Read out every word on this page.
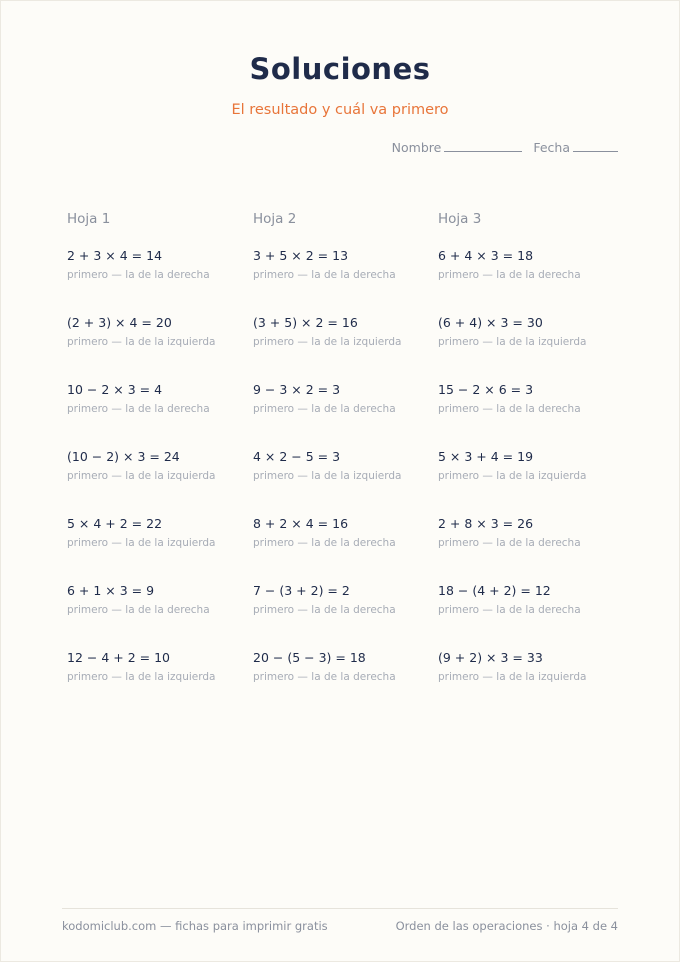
Soluciones
El resultado y cuál va primero
Nombre	Fecha
Hoja 1
2 + 3 × 4 = 14
primero — la de la derecha
(2 + 3) × 4 = 20
primero — la de la izquierda
10 − 2 × 3 = 4
primero — la de la derecha
(10 − 2) × 3 = 24
primero — la de la izquierda
5 × 4 + 2 = 22
primero — la de la izquierda
6 + 1 × 3 = 9
primero — la de la derecha
12 − 4 + 2 = 10
primero — la de la izquierda
Hoja 2
3 + 5 × 2 = 13
primero — la de la derecha
(3 + 5) × 2 = 16
primero — la de la izquierda
9 − 3 × 2 = 3
primero — la de la derecha
4 × 2 − 5 = 3
primero — la de la izquierda
8 + 2 × 4 = 16
primero — la de la derecha
7 − (3 + 2) = 2
primero — la de la derecha
20 − (5 − 3) = 18
primero — la de la derecha
Hoja 3
6 + 4 × 3 = 18
primero — la de la derecha
(6 + 4) × 3 = 30
primero — la de la izquierda
15 − 2 × 6 = 3
primero — la de la derecha
5 × 3 + 4 = 19
primero — la de la izquierda
2 + 8 × 3 = 26
primero — la de la derecha
18 − (4 + 2) = 12
primero — la de la derecha
(9 + 2) × 3 = 33
primero — la de la izquierda
kodomiclub.com — fichas para imprimir gratis	Orden de las operaciones · hoja 4 de 4
